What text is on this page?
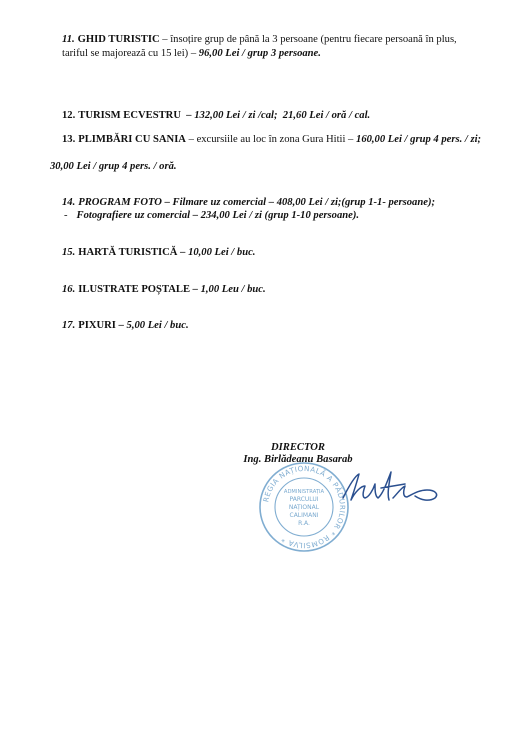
11. GHID TURISTIC – însoțire grup de până la 3 persoane (pentru fiecare persoană în plus, tariful se majorează cu 15 lei) – 96,00 Lei / grup 3 persoane.
12. TURISM ECVESTRU  – 132,00 Lei / zi /cal;  21,60 Lei / oră / cal.
13. PLIMBĂRI CU SANIA – excursiile au loc în zona Gura Hitii – 160,00 Lei / grup 4 pers. / zi;
30,00 Lei / grup 4 pers. / oră.
14. PROGRAM FOTO – Filmare uz comercial – 408,00 Lei / zi;(grup 1-1- persoane);
- Fotografiere uz comercial – 234,00 Lei / zi (grup 1-10 persoane).
15. HARTĂ TURISTICĂ – 10,00 Lei / buc.
16. ILUSTRATE POȘTALE – 1,00 Leu / buc.
17. PIXURI – 5,00 Lei / buc.
DIRECTOR
Ing. Birlădeanu Basarab
REGIA NAȚIONALĂ A PĂDURILOR * ROMSILVA *
ADMINISTRAȚIA
PARCULUI
NAȚIONAL
CĂLIMANI
R.A.
